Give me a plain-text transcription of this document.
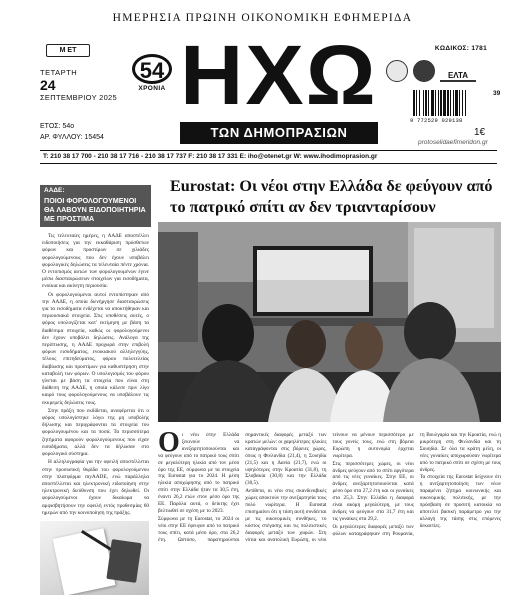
ΗΜΕΡΗΣΙΑ ΠΡΩΙΝΗ ΟΙΚΟΝΟΜΙΚΗ ΕΦΗΜΕΡΙΔΑ
Μ ΕΤ
ΤΕΤΑΡΤΗ
24
ΣΕΠΤΕΜΒΡΙΟΥ 2025
ΕΤΟΣ: 54ο
ΑΡ. ΦΥΛΛΟΥ: 15454
54
ΧΡΟΝΙΑ ΗΧΩ
ΤΩΝ ΔΗΜΟΠΡΑΣΙΩΝ
ΚΩΔΙΚΟΣ: 1781
ΕΛΤΑ
9 772529 029138
39
1€
protoselidaefimeridon.gr
Τ: 210 38 17 700 - 210 38 17 716 - 210 38 17 737 F: 210 38 17 331 E: iho@otenet.gr W: www.ihodimoprasion.gr
ΑΑΔΕ:
ΠΟΙΟΙ ΦΟΡΟΛΟΓΟΥΜΕΝΟΙ ΘΑ ΛΑΒΟΥΝ ΕΙΔΟΠΟΙΗΤΗΡΙΑ ΜΕ ΠΡΟΣΤΙΜΑ

Τις τελευταίες ημέρες, η ΑΑΔΕ αποστέλλει ειδοποιήσεις για την εκκαθάριση πρόσθετων φόρων και προστίμων σε χιλιάδες φορολογούμενους που δεν έχουν υποβάλει φορολογικές δηλώσεις τα τελευταία πέντε χρόνια. Ο εντοπισμός αυτών των φορολογουμένων έγινε μέσω διασταυρώσεων στοιχείων για εισοδήματα, ενοίκια και ακίνητη περιουσία.

Οι φορολογούμενοι αυτοί εντοπίστηκαν από την ΑΑΔΕ, η οποία διενήργησε διασταυρώσεις για τα εισοδήματα ενδέχεται να αποκτήθηκαν και περιουσιακά στοιχεία. Στις υποθέσεις αυτές, ο φόρος υπολογίζεται κατ' εκτίμηση με βάση τα διαθέσιμα στοιχεία, καθώς οι φορολογούμενοι δεν έχουν υποβάλει δηλώσεις. Ανάλογα της περίπτωσης, η ΑΑΔΕ προχωρά στην επιβολή φόρων εισοδήματος, ενοικιακού αλληλεγγύης, τέλους επιτηδεύματος, φόρου πολυτελείας διαβίωσης και προστίμων για καθυστέρηση στην καταβολή των φόρων. Ο υπολογισμός του φόρου γίνεται με βάση τα στοιχεία που είναι στη διάθεση της ΑΑΔΕ, η οποία κάλεσε πριν λίγο καιρό τους φορολογούμενους να υποβάλουν τις εκκρεμείς δηλώσεις τους.

Στην πράξη που εκδίδεται, αναφέρεται ότι ο φόρος υπολογίστηκε λόγω της μη υποβολής δήλωσης και περιγράφονται τα στοιχεία του φορολογουμένου και τα ποσά. Τα περισσότερα ζητήματα αφορούν φορολογούμενους που είχαν εισοδήματα, αλλά δεν τα δήλωσαν στο φορολογικό σύστημα.

Η αλληλογραφία για την οφειλή αποστέλλεται στην προσωπική θυρίδα του φορολογούμενου στην πλατφόρμα myAADE, ενώ παράλληλα αποστέλλεται και ηλεκτρονική ειδοποίηση στην ηλεκτρονική διεύθυνση που έχει δηλωθεί. Οι φορολογούμενοι έχουν δικαίωμα να αμφισβητήσουν την οφειλή εντός προθεσμίας 60 ημερών από την κοινοποίηση της πράξης.

Eurostat: Οι νέοι στην Ελλάδα δε φεύγουν από το πατρικό σπίτι αν δεν τριανταρίσουν

Οι νέοι στην Ελλάδα ξεκινούν να ανεξαρτητοποιούνται και να φεύγουν από το πατρικό τους σπίτι σε μεγαλύτερη ηλικία από τον μέσο όρο της ΕΕ, σύμφωνα με τα στοιχεία της Eurostat για το 2024. Η μέση ηλικία αποχώρησης από το πατρικό σπίτι στην Ελλάδα ήταν τα 30,5 έτη, έναντι 26,2 ετών στον μέσο όρο της ΕΕ. Παρόλα αυτά, ο δείκτης έχει βελτιωθεί σε σχέση με το 2023.

Σύμφωνα με τη Eurostat, το 2024 οι νέοι στην ΕΕ έφευγαν από το πατρικό τους σπίτι, κατά μέσο όρο, στα 26,2 έτη. Ωστόσο, παρατηρούνται σημαντικές διαφορές μεταξύ των κρατών μελών: οι χαμηλότερες ηλικίες καταγράφονται στις βόρειες χώρες, όπως η Φινλανδία (21,4), η Σουηδία (21,5) και η Δανία (21,7), ενώ οι υψηλότερες στην Κροατία (31,8), τη Σλοβακία (30,8) και την Ελλάδα (30,5).

Αντίθετα, οι νέοι στις σκανδιναβικές χώρες αποκτούν την ανεξαρτησία τους πολύ νωρίτερα. Η Eurostat επισημαίνει ότι η τάση αυτή συνδέεται με τις οικονομικές συνθήκες, το κόστος στέγασης και τις πολιτιστικές διαφορές μεταξύ των χωρών. Στη νότια και ανατολική Ευρώπη, οι νέοι τείνουν να μένουν περισσότερο με τους γονείς τους, ενώ στη βόρεια Ευρώπη η αυτονομία έρχεται νωρίτερα.

Στις περισσότερες χώρες, οι νέοι άνδρες φεύγουν από το σπίτι αργότερα από τις νέες γυναίκες. Στην ΕΕ, οι άνδρες ανεξαρτητοποιούνται κατά μέσο όρο στα 27,2 έτη και οι γυναίκες στα 25,3. Στην Ελλάδα η διαφορά είναι ακόμη μεγαλύτερη, με τους άνδρες να φεύγουν στα 31,7 έτη και τις γυναίκες στα 29,2.

Οι μεγαλύτερες διαφορές μεταξύ των φύλων καταγράφηκαν στη Ρουμανία, τη Βουλγαρία και την Κροατία, ενώ η μικρότερη στη Φινλανδία και τη Σουηδία. Σε όλα τα κράτη μέλη, οι νέες γυναίκες αποχωρούσαν νωρίτερα από το πατρικό σπίτι σε σχέση με τους άνδρες.

Τα στοιχεία της Eurostat δείχνουν ότι η ανεξαρτητοποίηση των νέων παραμένει ζήτημα κοινωνικής και οικονομικής πολιτικής, με την πρόσβαση σε προσιτή κατοικία να αποτελεί βασική παράμετρο για την αλλαγή της τάσης στις επόμενες δεκαετίες.
